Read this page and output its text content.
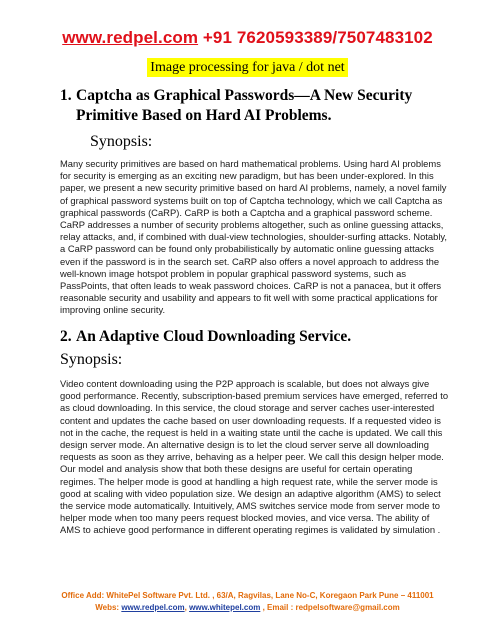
www.redpel.com +91 7620593389/7507483102
Image processing for java / dot net
1. Captcha as Graphical Passwords—A New Security Primitive Based on Hard AI Problems.
Synopsis:
Many security primitives are based on hard mathematical problems. Using hard AI problems for security is emerging as an exciting new paradigm, but has been under-explored. In this paper, we present a new security primitive based on hard AI problems, namely, a novel family of graphical password systems built on top of Captcha technology, which we call Captcha as graphical passwords (CaRP). CaRP is both a Captcha and a graphical password scheme. CaRP addresses a number of security problems altogether, such as online guessing attacks, relay attacks, and, if combined with dual-view technologies, shoulder-surfing attacks. Notably, a CaRP password can be found only probabilistically by automatic online guessing attacks even if the password is in the search set. CaRP also offers a novel approach to address the well-known image hotspot problem in popular graphical password systems, such as PassPoints, that often leads to weak password choices. CaRP is not a panacea, but it offers reasonable security and usability and appears to fit well with some practical applications for improving online security.
2. An Adaptive Cloud Downloading Service.
Synopsis:
Video content downloading using the P2P approach is scalable, but does not always give good performance. Recently, subscription-based premium services have emerged, referred to as cloud downloading. In this service, the cloud storage and server caches user-interested content and updates the cache based on user downloading requests. If a requested video is not in the cache, the request is held in a waiting state until the cache is updated. We call this design server mode. An alternative design is to let the cloud server serve all downloading requests as soon as they arrive, behaving as a helper peer. We call this design helper mode. Our model and analysis show that both these designs are useful for certain operating regimes. The helper mode is good at handling a high request rate, while the server mode is good at scaling with video population size. We design an adaptive algorithm (AMS) to select the service mode automatically. Intuitively, AMS switches service mode from server mode to helper mode when too many peers request blocked movies, and vice versa. The ability of AMS to achieve good performance in different operating regimes is validated by simulation .
Office Add: WhitePel Software Pvt. Ltd. , 63/A, Ragvilas, Lane No-C, Koregaon Park Pune – 411001
Webs: www.redpel.com, www.whitepel.com , Email : redpelsoftware@gmail.com
